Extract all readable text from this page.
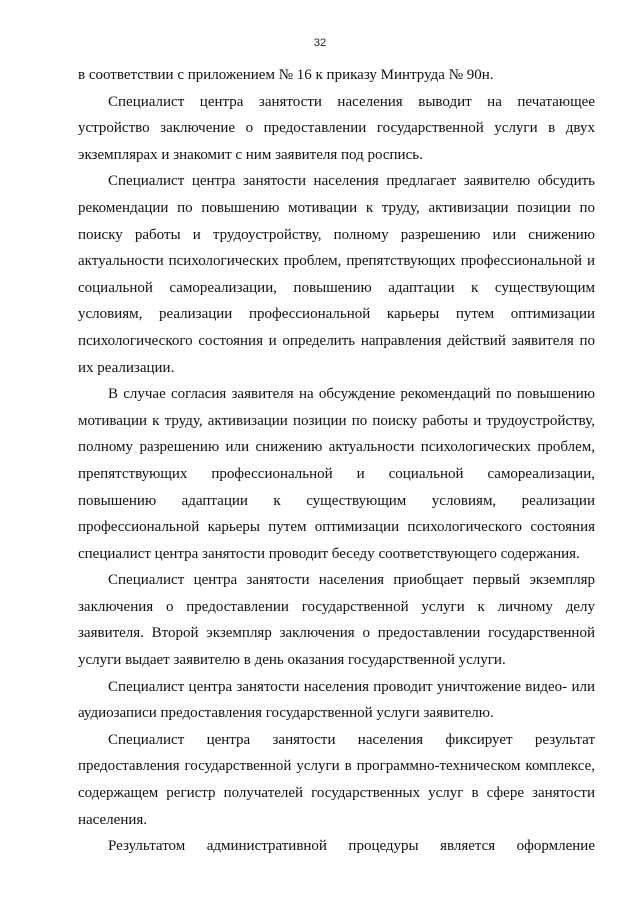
32

в соответствии с приложением № 16 к приказу Минтруда № 90н.

Специалист центра занятости населения выводит на печатающее устройство заключение о предоставлении государственной услуги в двух экземплярах и знакомит с ним заявителя под роспись.

Специалист центра занятости населения предлагает заявителю обсудить рекомендации по повышению мотивации к труду, активизации позиции по поиску работы и трудоустройству, полному разрешению или снижению актуальности психологических проблем, препятствующих профессиональной и социальной самореализации, повышению адаптации к существующим условиям, реализации профессиональной карьеры путем оптимизации психологического состояния и определить направления действий заявителя по их реализации.

В случае согласия заявителя на обсуждение рекомендаций по повышению мотивации к труду, активизации позиции по поиску работы и трудоустройству, полному разрешению или снижению актуальности психологических проблем, препятствующих профессиональной и социальной самореализации, повышению адаптации к существующим условиям, реализации профессиональной карьеры путем оптимизации психологического состояния специалист центра занятости проводит беседу соответствующего содержания.

Специалист центра занятости населения приобщает первый экземпляр заключения о предоставлении государственной услуги к личному делу заявителя. Второй экземпляр заключения о предоставлении государственной услуги выдает заявителю в день оказания государственной услуги.

Специалист центра занятости населения проводит уничтожение видео- или аудиозаписи предоставления государственной услуги заявителю.

Специалист центра занятости населения фиксирует результат предоставления государственной услуги в программно-техническом комплексе, содержащем регистр получателей государственных услуг в сфере занятости населения.

Результатом административной процедуры является оформление
